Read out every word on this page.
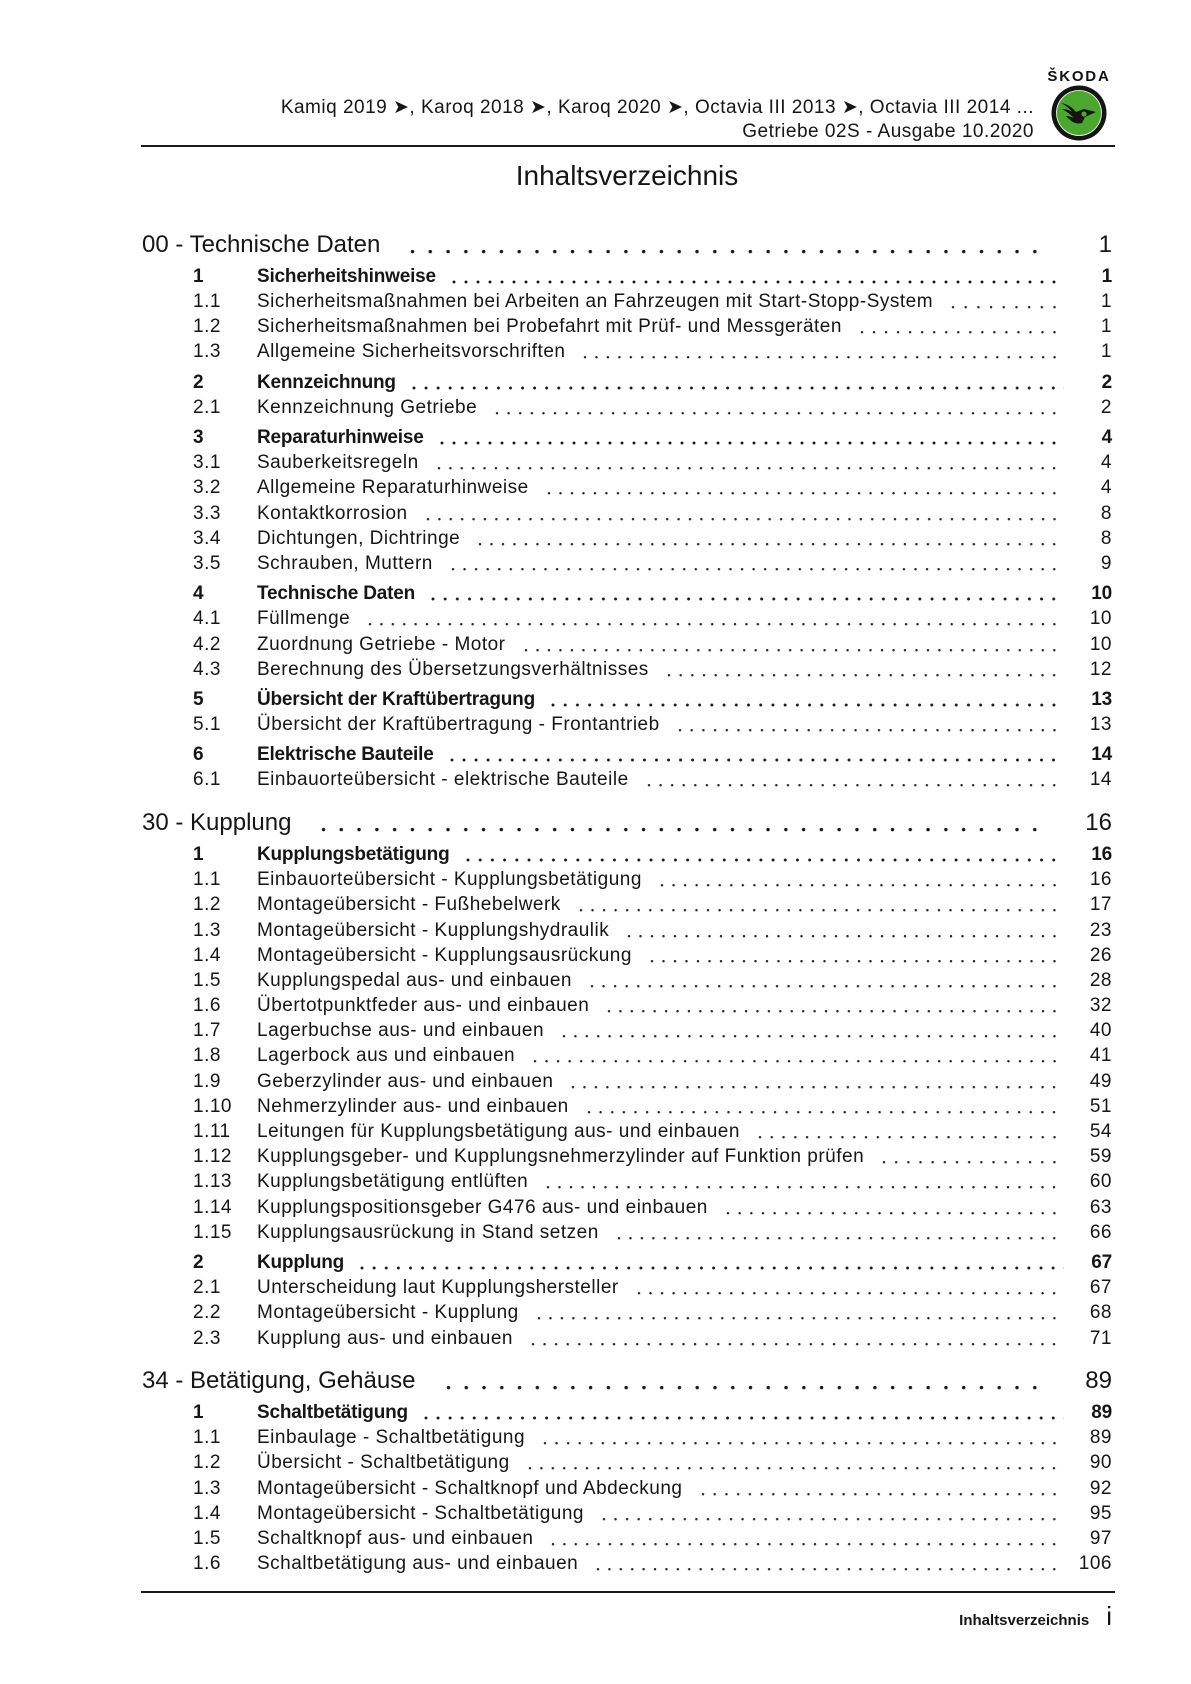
ŠKODA
Kamiq 2019 ➤, Karoq 2018 ➤, Karoq 2020 ➤, Octavia III 2013 ➤, Octavia III 2014 ...
Getriebe 02S - Ausgabe 10.2020
Inhaltsverzeichnis
00 - Technische Daten	1
1	Sicherheitshinweise	1
1.1	Sicherheitsmaßnahmen bei Arbeiten an Fahrzeugen mit Start-Stopp-System	1
1.2	Sicherheitsmaßnahmen bei Probefahrt mit Prüf- und Messgeräten	1
1.3	Allgemeine Sicherheitsvorschriften	1
2	Kennzeichnung	2
2.1	Kennzeichnung Getriebe	2
3	Reparaturhinweise	4
3.1	Sauberkeitsregeln	4
3.2	Allgemeine Reparaturhinweise	4
3.3	Kontaktkorrosion	8
3.4	Dichtungen, Dichtringe	8
3.5	Schrauben, Muttern	9
4	Technische Daten	10
4.1	Füllmenge	10
4.2	Zuordnung Getriebe - Motor	10
4.3	Berechnung des Übersetzungsverhältnisses	12
5	Übersicht der Kraftübertragung	13
5.1	Übersicht der Kraftübertragung - Frontantrieb	13
6	Elektrische Bauteile	14
6.1	Einbauorteübersicht - elektrische Bauteile	14
30 - Kupplung	16
1	Kupplungsbetätigung	16
1.1	Einbauorteübersicht - Kupplungsbetätigung	16
1.2	Montageübersicht - Fußhebelwerk	17
1.3	Montageübersicht - Kupplungshydraulik	23
1.4	Montageübersicht - Kupplungsausrückung	26
1.5	Kupplungspedal aus- und einbauen	28
1.6	Übertotpunktfeder aus- und einbauen	32
1.7	Lagerbuchse aus- und einbauen	40
1.8	Lagerbock aus und einbauen	41
1.9	Geberzylinder aus- und einbauen	49
1.10	Nehmerzylinder aus- und einbauen	51
1.11	Leitungen für Kupplungsbetätigung aus- und einbauen	54
1.12	Kupplungsgeber- und Kupplungsnehmerzylinder auf Funktion prüfen	59
1.13	Kupplungsbetätigung entlüften	60
1.14	Kupplungspositionsgeber G476 aus- und einbauen	63
1.15	Kupplungsausrückung in Stand setzen	66
2	Kupplung	67
2.1	Unterscheidung laut Kupplungshersteller	67
2.2	Montageübersicht - Kupplung	68
2.3	Kupplung aus- und einbauen	71
34 - Betätigung, Gehäuse	89
1	Schaltbetätigung	89
1.1	Einbaulage - Schaltbetätigung	89
1.2	Übersicht - Schaltbetätigung	90
1.3	Montageübersicht - Schaltknopf und Abdeckung	92
1.4	Montageübersicht - Schaltbetätigung	95
1.5	Schaltknopf aus- und einbauen	97
1.6	Schaltbetätigung aus- und einbauen	106
Inhaltsverzeichnis i
